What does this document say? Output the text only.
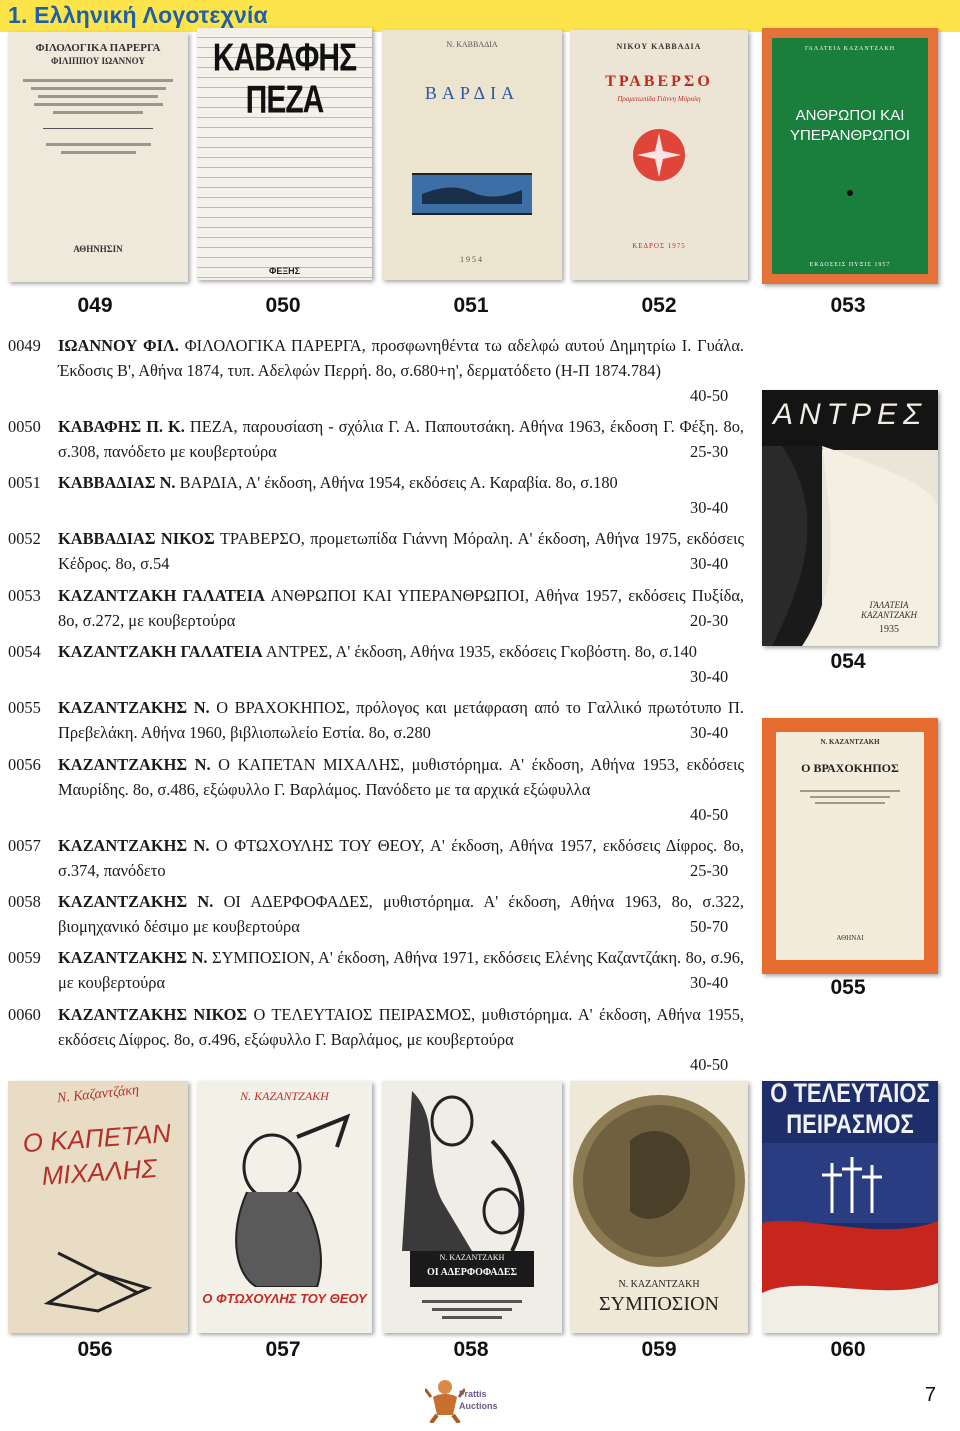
1. Ελληνική Λογοτεχνία
ΦΙΛΟΛΟΓΙΚΑ ΠΑΡΕΡΓΑ
ΦΙΛΙΠΠΟΥ ΙΩΑΝΝΟΥ
ΑΘΗΝΗΣΙΝ
ΚΑΒΑΦΗΣ
ΠΕΖΑ
ΦΕΞΗΣ
Ν. ΚΑΒΒΑΔΙΑ
ΒΑΡΔΙΑ
1954
ΝΙΚΟΥ ΚΑΒΒΑΔΙΑ
ΤΡΑΒΕΡΣΟ
Προμετωπίδα Γιάννη Μόραλη
ΚΕΔΡΟΣ 1975
ΓΑΛΑΤΕΙΑ ΚΑΖΑΝΤΖΑΚΗ
ΑΝΘΡΩΠΟΙ ΚΑΙ ΥΠΕΡΑΝΘΡΩΠΟΙ
ΕΚΔΟΣΕΙΣ ΠΥΞΙΣ 1957
049	050	051	052	053
ΑΝΤΡΕΣ
ΓΑΛΑΤΕΙΑ ΚΑΖΑΝΤΖΑΚΗ
1935
054
Ν. ΚΑΖΑΝΤΖΑΚΗ
Ο ΒΡΑΧΟΚΗΠΟΣ
ΑΘΗΝΑΙ
055
0049	ΙΩΑΝΝΟΥ ΦΙΛ. ΦΙΛΟΛΟΓΙΚΑ ΠΑΡΕΡΓΑ, προσφωνηθέντα τω αδελφώ αυτού Δημητρίω Ι. Γυάλα. Έκδοσις Β', Αθήνα 1874, τυπ. Αδελφών Περρή. 8ο, σ.680+η', δερματόδετο (Η-Π 1874.784)
40-50
0050	ΚΑΒΑΦΗΣ Π. Κ. ΠΕΖΑ, παρουσίαση - σχόλια Γ. Α. Παπουτσάκη. Αθήνα 1963, έκδοση Γ. Φέξη. 8ο, σ.308, πανόδετο με κουβερτούρα	25-30
0051	ΚΑΒΒΑΔΙΑΣ Ν. ΒΑΡΔΙΑ, Α' έκδοση, Αθήνα 1954, εκδόσεις Α. Καραβία. 8ο, σ.180
30-40
0052	ΚΑΒΒΑΔΙΑΣ ΝΙΚΟΣ ΤΡΑΒΕΡΣΟ, προμετωπίδα Γιάννη Μόραλη. Α' έκδοση, Αθήνα 1975, εκδόσεις Κέδρος. 8ο, σ.54	30-40
0053	ΚΑΖΑΝΤΖΑΚΗ ΓΑΛΑΤΕΙΑ ΑΝΘΡΩΠΟΙ ΚΑΙ ΥΠΕΡΑΝΘΡΩΠΟΙ, Αθήνα 1957, εκδόσεις Πυξίδα, 8ο, σ.272, με κουβερτούρα	20-30
0054	ΚΑΖΑΝΤΖΑΚΗ ΓΑΛΑΤΕΙΑ ΑΝΤΡΕΣ, Α' έκδοση, Αθήνα 1935, εκδόσεις Γκοβόστη. 8ο, σ.140
30-40
0055	ΚΑΖΑΝΤΖΑΚΗΣ Ν. Ο ΒΡΑΧΟΚΗΠΟΣ, πρόλογος και μετάφραση από το Γαλλικό πρωτότυπο Π. Πρεβελάκη. Αθήνα 1960, βιβλιοπωλείο Εστία. 8ο, σ.280	30-40
0056	ΚΑΖΑΝΤΖΑΚΗΣ Ν. Ο ΚΑΠΕΤΑΝ ΜΙΧΑΛΗΣ, μυθιστόρημα. Α' έκδοση, Αθήνα 1953, εκδόσεις Μαυρίδης. 8ο, σ.486, εξώφυλλο Γ. Βαρλάμος. Πανόδετο με τα αρχικά εξώφυλλα
40-50
0057	ΚΑΖΑΝΤΖΑΚΗΣ Ν. Ο ΦΤΩΧΟΥΛΗΣ ΤΟΥ ΘΕΟΥ, Α' έκδοση, Αθήνα 1957, εκδόσεις Δίφρος. 8ο, σ.374, πανόδετο	25-30
0058	ΚΑΖΑΝΤΖΑΚΗΣ Ν. ΟΙ ΑΔΕΡΦΟΦΑΔΕΣ, μυθιστόρημα. Α' έκδοση, Αθήνα 1963, 8ο, σ.322, βιομηχανικό δέσιμο με κουβερτούρα	50-70
0059	ΚΑΖΑΝΤΖΑΚΗΣ Ν. ΣΥΜΠΟΣΙΟΝ, Α' έκδοση, Αθήνα 1971, εκδόσεις Ελένης Καζαντζάκη. 8ο, σ.96, με κουβερτούρα	30-40
0060	ΚΑΖΑΝΤΖΑΚΗΣ ΝΙΚΟΣ Ο ΤΕΛΕΥΤΑΙΟΣ ΠΕΙΡΑΣΜΟΣ, μυθιστόρημα. Α' έκδοση, Αθήνα 1955, εκδόσεις Δίφρος. 8ο, σ.496, εξώφυλλο Γ. Βαρλάμος, με κουβερτούρα
40-50
Ν. Καζαντζάκη
Ο ΚΑΠΕΤΑΝ ΜΙΧΑΛΗΣ
Ν. ΚΑΖΑΝΤΖΑΚΗ
Ο ΦΤΩΧΟΥΛΗΣ ΤΟΥ ΘΕΟΥ
Ν. ΚΑΖΑΝΤΖΑΚΗ
ΟΙ ΑΔΕΡΦΟΦΑΔΕΣ
Ν. ΚΑΖΑΝΤΖΑΚΗ
ΣΥΜΠΟΣΙΟΝ
Ο ΤΕΛΕΥΤΑΙΟΣ ΠΕΙΡΑΣΜΟΣ
056	057	058	059	060
Frattis
Auctions	7
